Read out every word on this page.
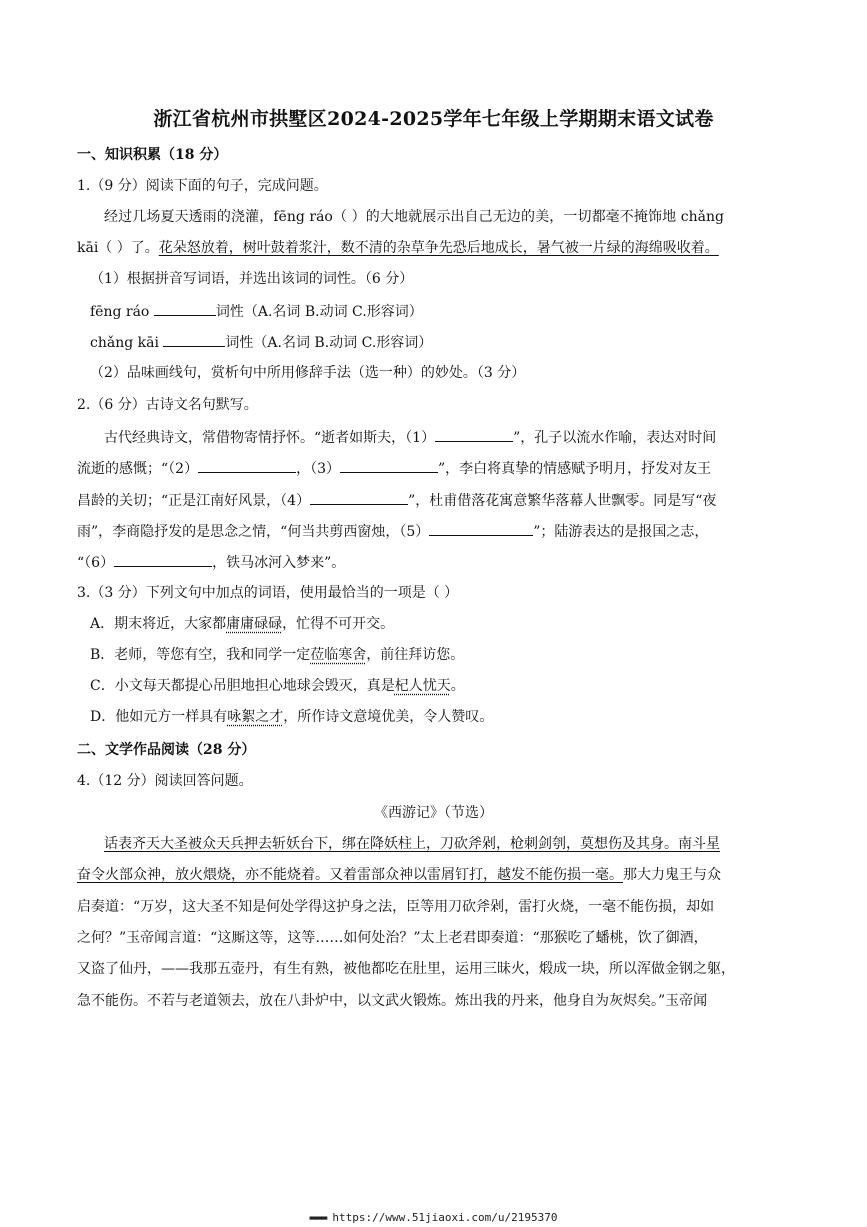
浙江省杭州市拱墅区2024-2025学年七年级上学期期末语文试卷
一、知识积累（18 分）
1.（9 分）阅读下面的句子，完成问题。
经过几场夏天透雨的浇灌，fēng ráo（ ）的大地就展示出自己无边的美，一切都毫不掩饰地 chǎng
kāi（ ）了。花朵怒放着，树叶鼓着浆汁，数不清的杂草争先恐后地成长，暑气被一片绿的海绵吸收着。
（1）根据拼音写词语，并选出该词的词性。（6 分）
fēng ráo	词性（A.名词 B.动词 C.形容词）
chǎng kāi	词性（A.名词 B.动词 C.形容词）
（2）品味画线句，赏析句中所用修辞手法（选一种）的妙处。（3 分）
2.（6 分）古诗文名句默写。
古代经典诗文，常借物寄情抒怀。“逝者如斯夫，（1）	”，孔子以流水作喻，表达对时间
流逝的感慨；“（2）	，（3）	”，李白将真挚的情感赋予明月，抒发对友王
昌龄的关切；“正是江南好风景，（4）	”，杜甫借落花寓意繁华落幕人世飘零。同是写“夜
雨”，李商隐抒发的是思念之情，“何当共剪西窗烛，（5）	”；陆游表达的是报国之志，
“（6）	，铁马冰河入梦来”。
3.（3 分）下列文句中加点的词语，使用最恰当的一项是（ ）
A．期末将近，大家都庸庸碌碌，忙得不可开交。
B．老师，等您有空，我和同学一定莅临寒舍，前往拜访您。
C．小文每天都提心吊胆地担心地球会毁灭，真是杞人忧天。
D．他如元方一样具有咏絮之才，所作诗文意境优美，令人赞叹。
二、文学作品阅读（28 分）
4.（12 分）阅读回答问题。
《西游记》（节选）
话表齐天大圣被众天兵押去斩妖台下，绑在降妖柱上，刀砍斧剁，枪刺剑刳，莫想伤及其身。南斗星
奋令火部众神，放火煨烧，亦不能烧着。又着雷部众神以雷屑钉打，越发不能伤损一毫。那大力鬼王与众
启奏道：“万岁，这大圣不知是何处学得这护身之法，臣等用刀砍斧剁，雷打火烧，一毫不能伤损，却如
之何？”玉帝闻言道：“这厮这等，这等……如何处治？”太上老君即奏道：“那猴吃了蟠桃，饮了御酒，
又盗了仙丹，——我那五壶丹，有生有熟，被他都吃在肚里，运用三昧火，煅成一块，所以浑做金钢之躯，
急不能伤。不若与老道领去，放在八卦炉中，以文武火锻炼。炼出我的丹来，他身自为灰烬矣。”玉帝闻
▬▬▬ https://www.51jiaoxi.com/u/2195370
